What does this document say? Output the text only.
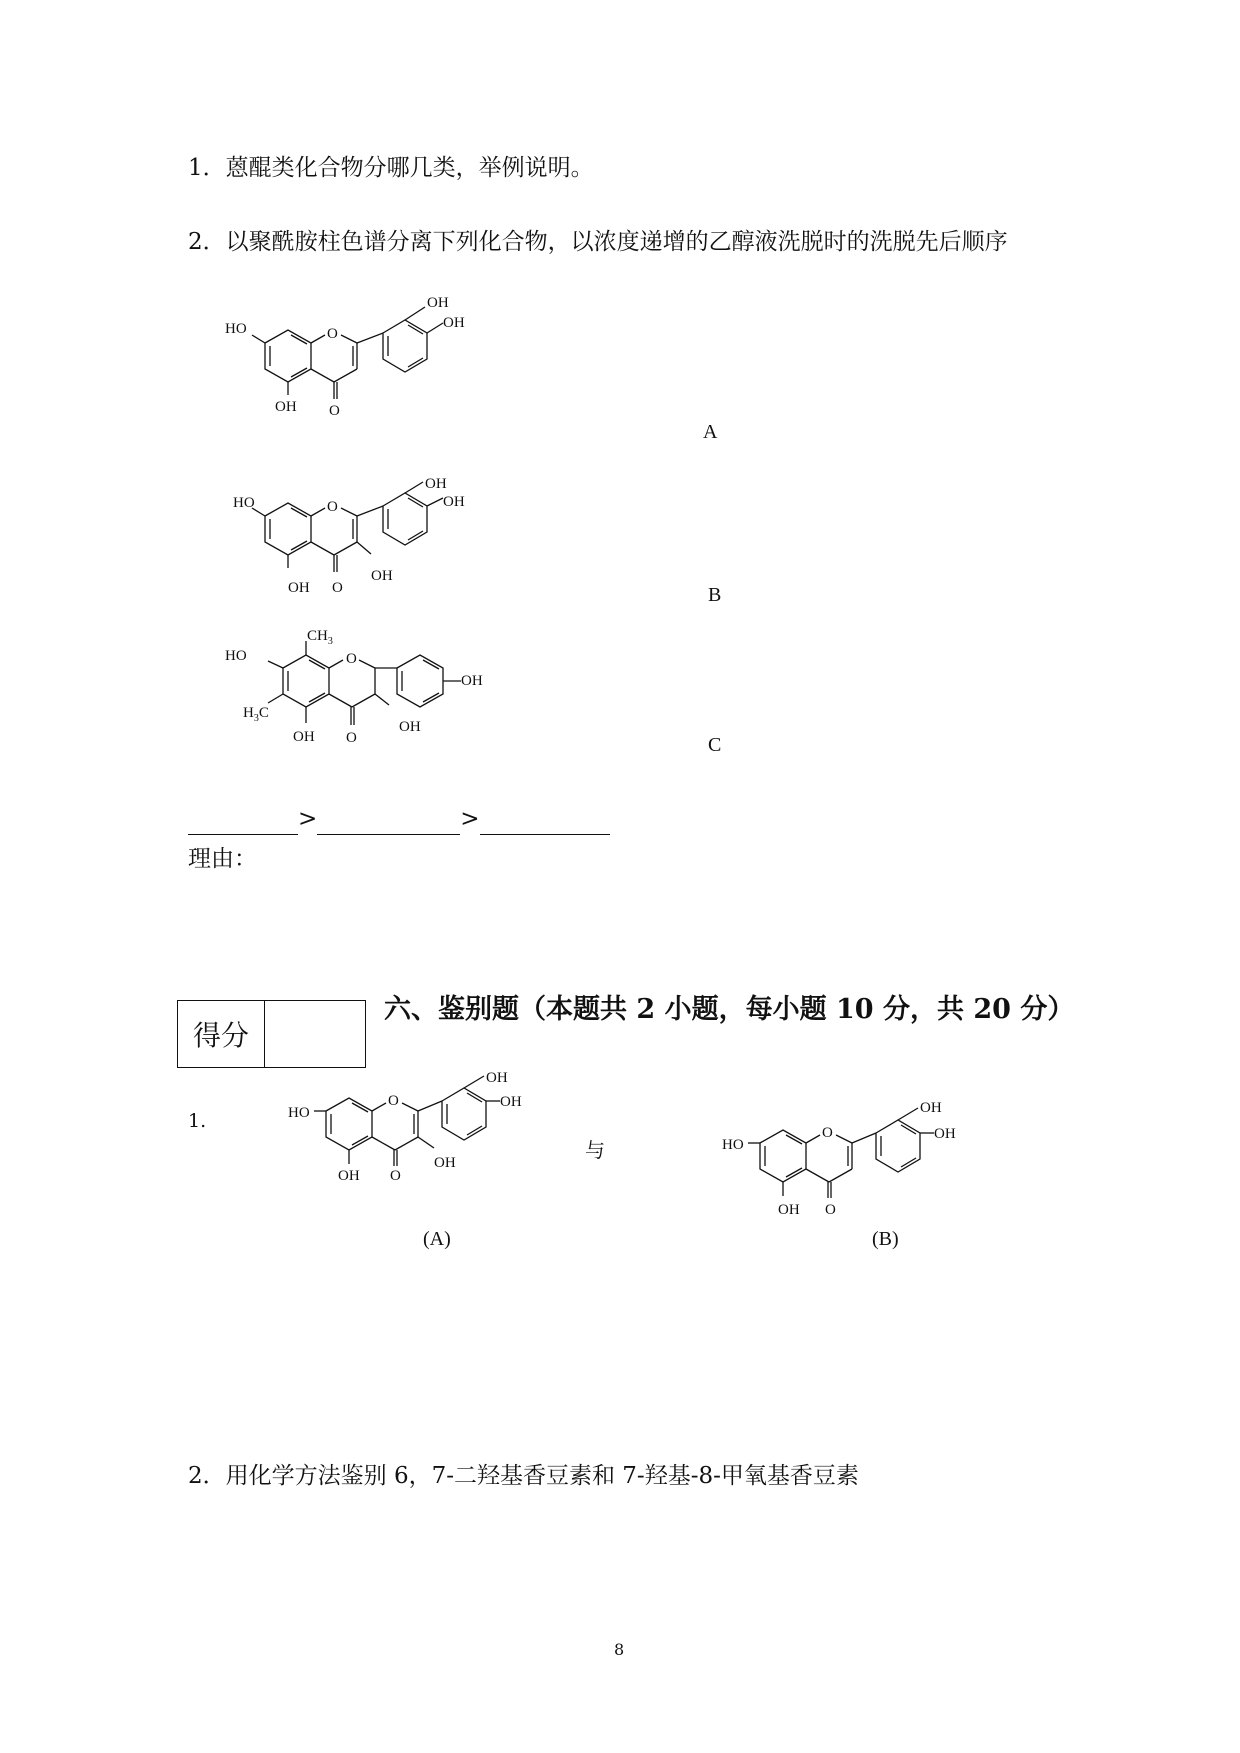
1．蒽醌类化合物分哪几类，举例说明。
2．以聚酰胺柱色谱分离下列化合物，以浓度递增的乙醇液洗脱时的洗脱先后顺序
HO	O
OH
OH
OH O
A
HO	O
OH
OH
OH O
OH
B
$CH_3$
HO	O
OH
$H_3C$
OH O
OH
C
>	>
理由：
得分
六、鉴别题（本题共 2 小题，每小题 10 分，共 20 分）
1.	HO
O
OH
OH
OH O
OH
(A)
与	HO
O
OH
OH
OH O
(B)
2．用化学方法鉴别 6，7-二羟基香豆素和 7-羟基-8-甲氧基香豆素
8
